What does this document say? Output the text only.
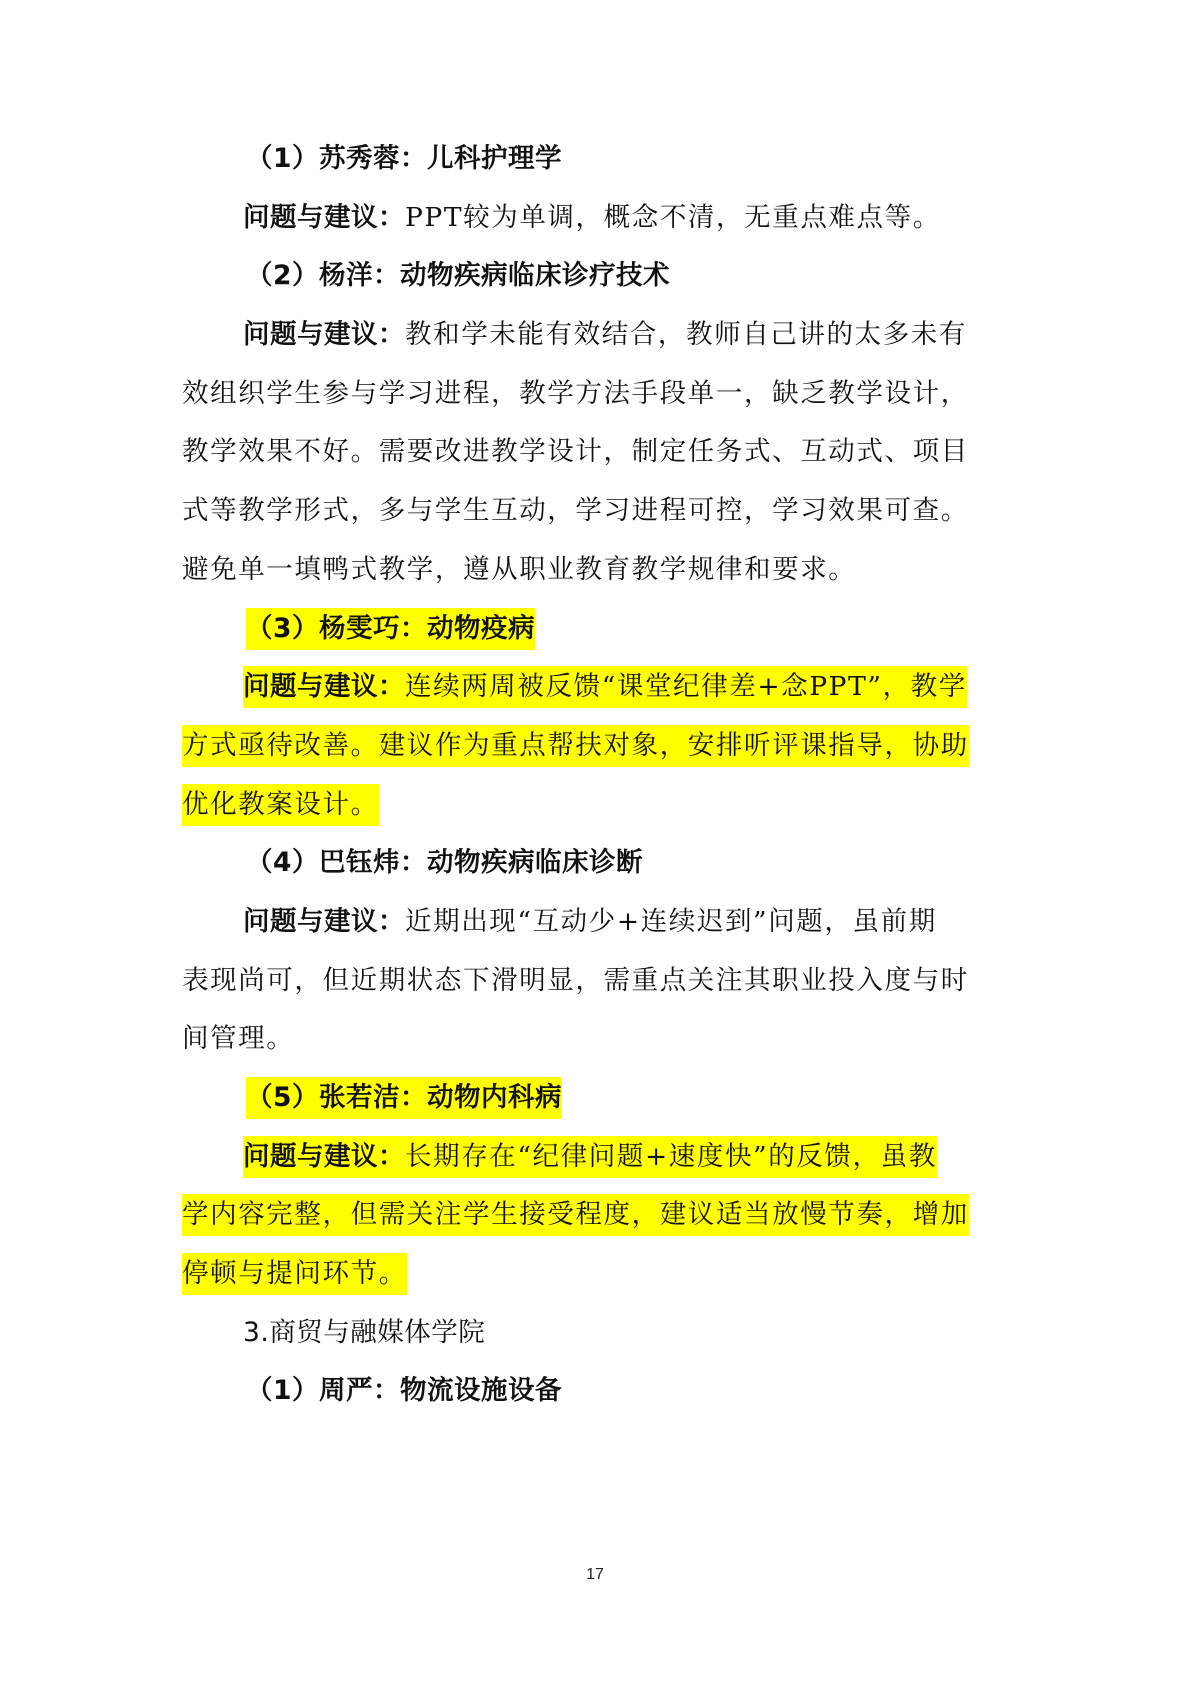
（1）苏秀蓉：儿科护理学
问题与建议：PPT较为单调，概念不清，无重点难点等。
（2）杨洋：动物疾病临床诊疗技术
问题与建议：教和学未能有效结合，教师自己讲的太多未有
效组织学生参与学习进程，教学方法手段单一，缺乏教学设计，
教学效果不好。需要改进教学设计，制定任务式、互动式、项目
式等教学形式，多与学生互动，学习进程可控，学习效果可查。
避免单一填鸭式教学，遵从职业教育教学规律和要求。
（3）杨雯巧：动物疫病
问题与建议：连续两周被反馈“课堂纪律差+念PPT”，教学
方式亟待改善。建议作为重点帮扶对象，安排听评课指导，协助
优化教案设计。
（4）巴钰炜：动物疾病临床诊断
问题与建议：近期出现“互动少+连续迟到”问题，虽前期
表现尚可，但近期状态下滑明显，需重点关注其职业投入度与时
间管理。
（5）张若洁：动物内科病
问题与建议：长期存在“纪律问题+速度快”的反馈，虽教
学内容完整，但需关注学生接受程度，建议适当放慢节奏，增加
停顿与提问环节。
3.商贸与融媒体学院
（1）周严：物流设施设备
17
